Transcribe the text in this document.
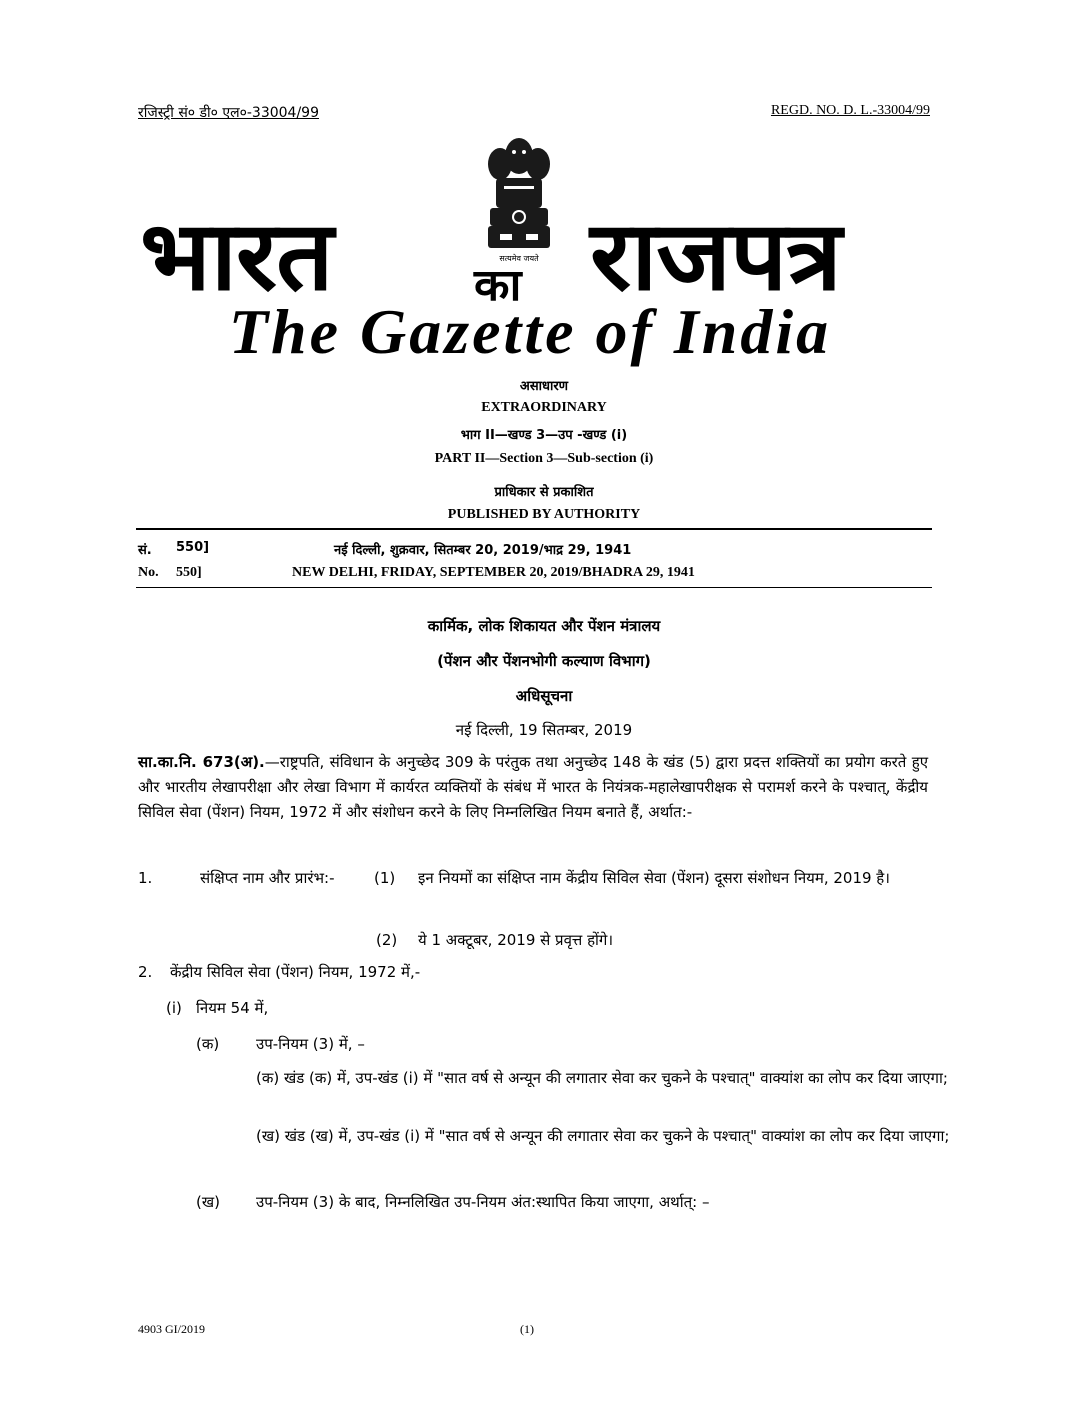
रजिस्ट्री सं० डी० एल०-33004/99	REGD. NO. D. L.-33004/99
सत्यमेव जयते
भारत	का राजपत्र
The Gazette of India
असाधारण
EXTRAORDINARY
भाग II—खण्ड 3—उप -खण्ड (i)
PART II—Section 3—Sub-section (i)
प्राधिकार से प्रकाशित
PUBLISHED BY AUTHORITY
सं. 550]	नई दिल्ली, शुक्रवार, सितम्बर 20, 2019/भाद्र 29, 1941
No. 550]	NEW DELHI, FRIDAY, SEPTEMBER 20, 2019/BHADRA 29, 1941
कार्मिक, लोक शिकायत और पेंशन मंत्रालय
(पेंशन और पेंशनभोगी कल्याण विभाग)
अधिसूचना
नई दिल्ली, 19 सितम्बर, 2019
सा.का.नि. 673(अ).—राष्ट्रपति, संविधान के अनुच्छेद 309 के परंतुक तथा अनुच्छेद 148 के खंड (5) द्वारा प्रदत्त शक्तियों का प्रयोग करते हुए और भारतीय लेखापरीक्षा और लेखा विभाग में कार्यरत व्यक्तियों के संबंध में भारत के नियंत्रक-महालेखापरीक्षक से परामर्श करने के पश्चात्, केंद्रीय सिविल सेवा (पेंशन) नियम, 1972 में और संशोधन करने के लिए निम्नलिखित नियम बनाते हैं, अर्थात:-
1.	संक्षिप्त नाम और प्रारंभ:-	(1) इन नियमों का संक्षिप्त नाम केंद्रीय सिविल सेवा (पेंशन) दूसरा संशोधन नियम, 2019 है।
(2) ये 1 अक्टूबर, 2019 से प्रवृत्त होंगे।
2. केंद्रीय सिविल सेवा (पेंशन) नियम, 1972 में,-
(i) नियम 54 में,
(क) उप-नियम (3) में, –
(क) खंड (क) में, उप-खंड (i) में "सात वर्ष से अन्यून की लगातार सेवा कर चुकने के पश्चात्" वाक्यांश का लोप कर दिया जाएगा;
(ख) खंड (ख) में, उप-खंड (i) में "सात वर्ष से अन्यून की लगातार सेवा कर चुकने के पश्चात्" वाक्यांश का लोप कर दिया जाएगा;
(ख) उप-नियम (3) के बाद, निम्नलिखित उप-नियम अंत:स्थापित किया जाएगा, अर्थात्: –
4903 GI/2019	(1)
